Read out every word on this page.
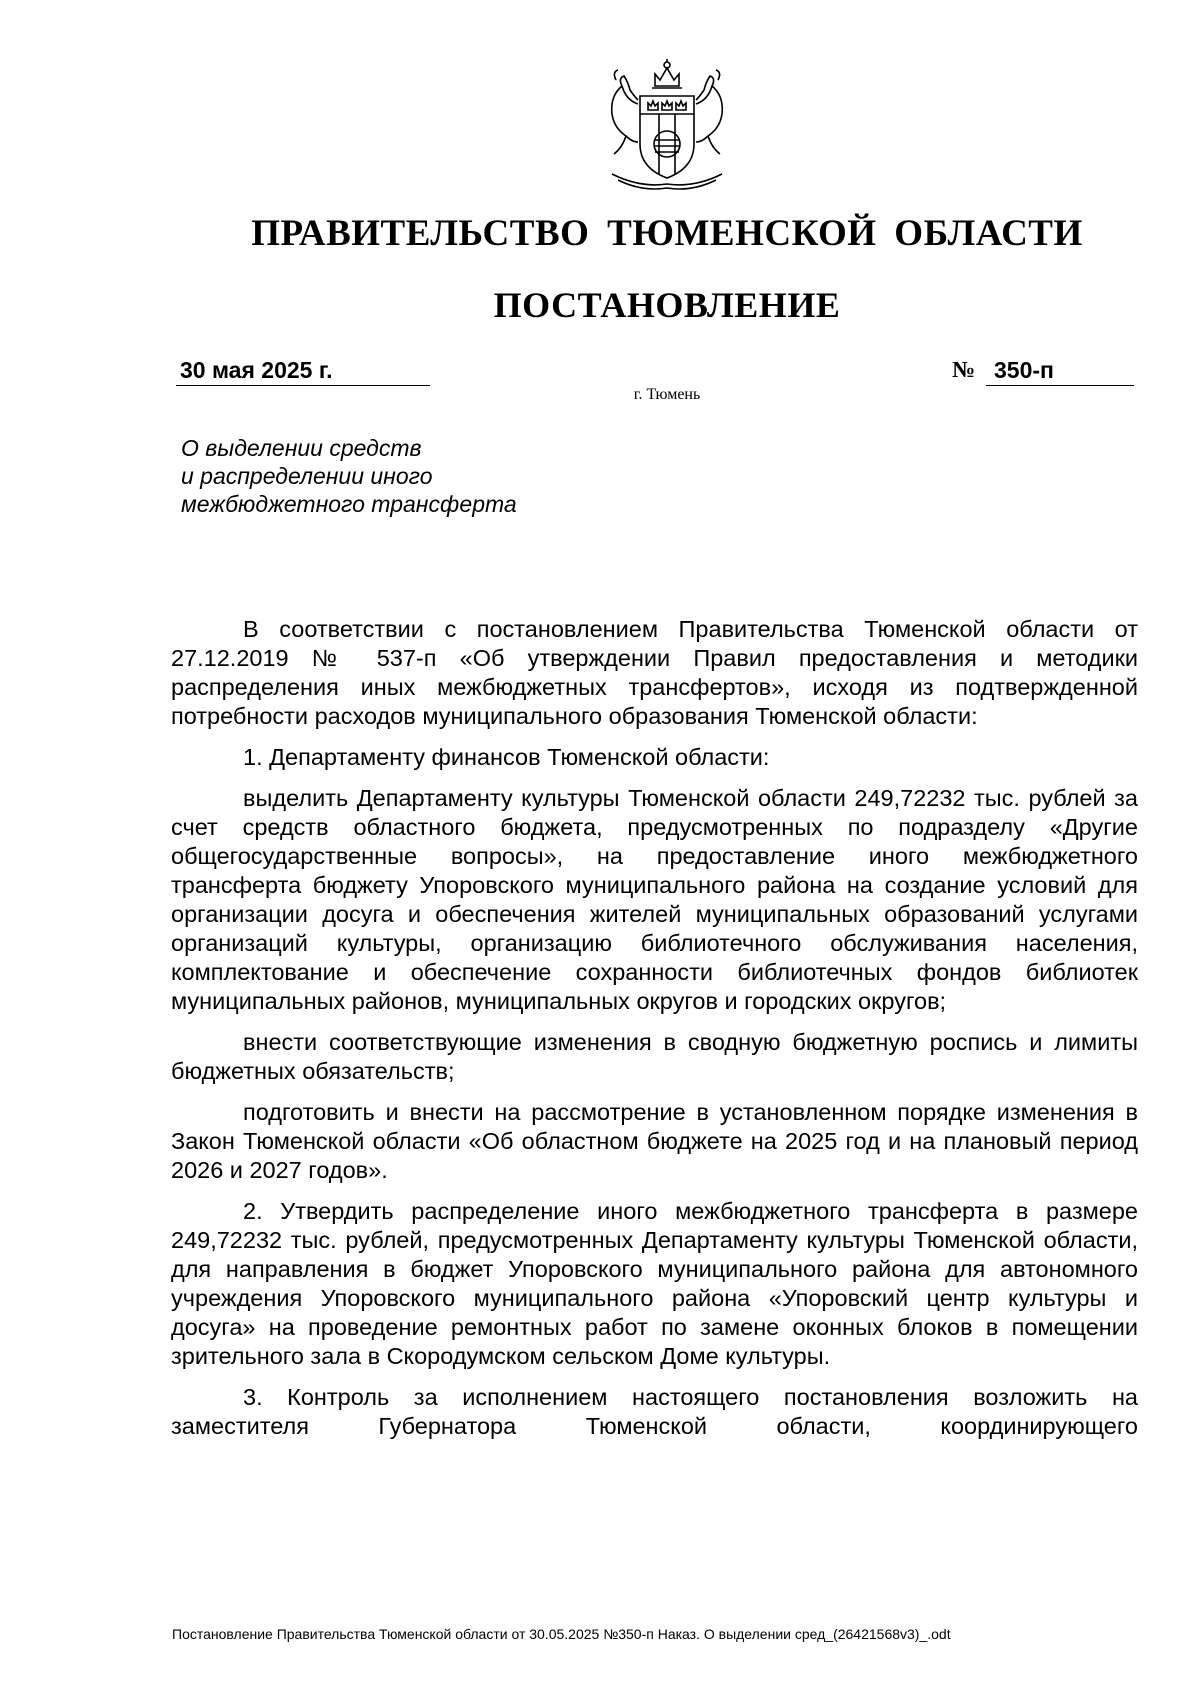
ПРАВИТЕЛЬСТВО ТЮМЕНСКОЙ ОБЛАСТИ
ПОСТАНОВЛЕНИЕ
30 мая 2025 г.	№ 350-п
г. Тюмень
О выделении средств
и распределении иного
межбюджетного трансферта

В соответствии с постановлением Правительства Тюменской области от 27.12.2019 № 537-п «Об утверждении Правил предоставления и методики распределения иных межбюджетных трансфертов», исходя из подтвержденной потребности расходов муниципального образования Тюменской области:

1. Департаменту финансов Тюменской области:

выделить Департаменту культуры Тюменской области 249,72232 тыс. рублей за счет средств областного бюджета, предусмотренных по подразделу «Другие общегосударственные вопросы», на предоставление иного межбюджетного трансферта бюджету Упоровского муниципального района на создание условий для организации досуга и обеспечения жителей муниципальных образований услугами организаций культуры, организацию библиотечного обслуживания населения, комплектование и обеспечение сохранности библиотечных фондов библиотек муниципальных районов, муниципальных округов и городских округов;

внести соответствующие изменения в сводную бюджетную роспись и лимиты бюджетных обязательств;

подготовить и внести на рассмотрение в установленном порядке изменения в Закон Тюменской области «Об областном бюджете на 2025 год и на плановый период 2026 и 2027 годов».

2. Утвердить распределение иного межбюджетного трансферта в размере 249,72232 тыс. рублей, предусмотренных Департаменту культуры Тюменской области, для направления в бюджет Упоровского муниципального района для автономного учреждения Упоровского муниципального района «Упоровский центр культуры и досуга» на проведение ремонтных работ по замене оконных блоков в помещении зрительного зала в Скородумском сельском Доме культуры.

3. Контроль за исполнением настоящего постановления возложить на заместителя Губернатора Тюменской области, координирующего

Постановление Правительства Тюменской области от 30.05.2025 №350-п Наказ. О выделении сред_(26421568v3)_.odt
